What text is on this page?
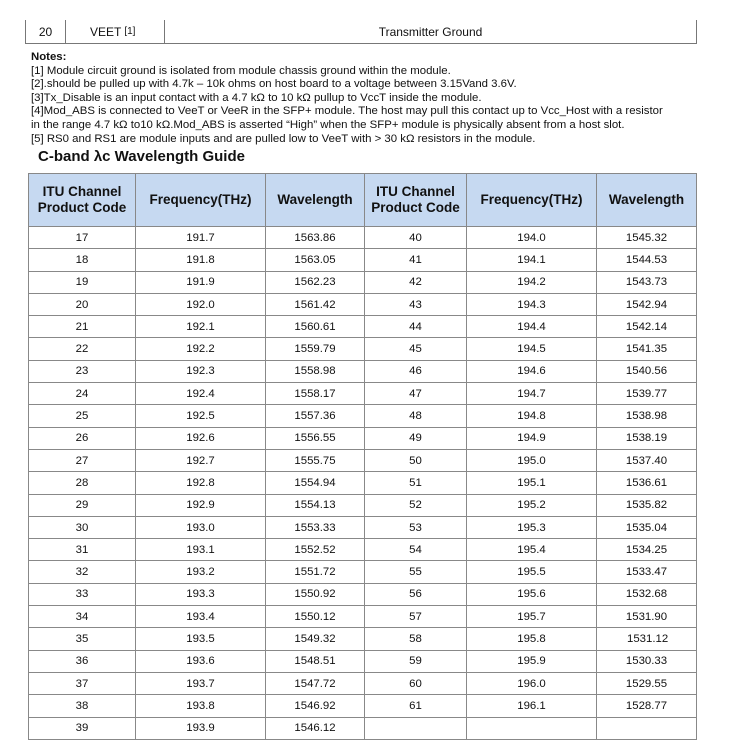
20	VEET [1]	Transmitter Ground

Notes:

[1] Module circuit ground is isolated from module chassis ground within the module.

[2].should be pulled up with 4.7k – 10k ohms on host board to a voltage between 3.15Vand 3.6V.

[3]Tx_Disable is an input contact with a 4.7 kΩ to 10 kΩ pullup to VccT inside the module.

[4]Mod_ABS is connected to VeeT or VeeR in the SFP+ module. The host may pull this contact up to Vcc_Host with a resistor

in the range 4.7 kΩ to10 kΩ.Mod_ABS is asserted “High” when the SFP+ module is physically absent from a host slot.

[5] RS0 and RS1 are module inputs and are pulled low to VeeT with > 30 kΩ resistors in the module.

C-band λc Wavelength Guide
ITU Channel Product Code	Frequency(THz)	Wavelength	ITU Channel Product Code	Frequency(THz)	Wavelength
17	191.7	1563.86	40	194.0	1545.32
18	191.8	1563.05	41	194.1	1544.53
19	191.9	1562.23	42	194.2	1543.73
20	192.0	1561.42	43	194.3	1542.94
21	192.1	1560.61	44	194.4	1542.14
22	192.2	1559.79	45	194.5	1541.35
23	192.3	1558.98	46	194.6	1540.56
24	192.4	1558.17	47	194.7	1539.77
25	192.5	1557.36	48	194.8	1538.98
26	192.6	1556.55	49	194.9	1538.19
27	192.7	1555.75	50	195.0	1537.40
28	192.8	1554.94	51	195.1	1536.61
29	192.9	1554.13	52	195.2	1535.82
30	193.0	1553.33	53	195.3	1535.04
31	193.1	1552.52	54	195.4	1534.25
32	193.2	1551.72	55	195.5	1533.47
33	193.3	1550.92	56	195.6	1532.68
34	193.4	1550.12	57	195.7	1531.90
35	193.5	1549.32	58	195.8	1531.12
36	193.6	1548.51	59	195.9	1530.33
37	193.7	1547.72	60	196.0	1529.55
38	193.8	1546.92	61	196.1	1528.77
39	193.9	1546.12			
